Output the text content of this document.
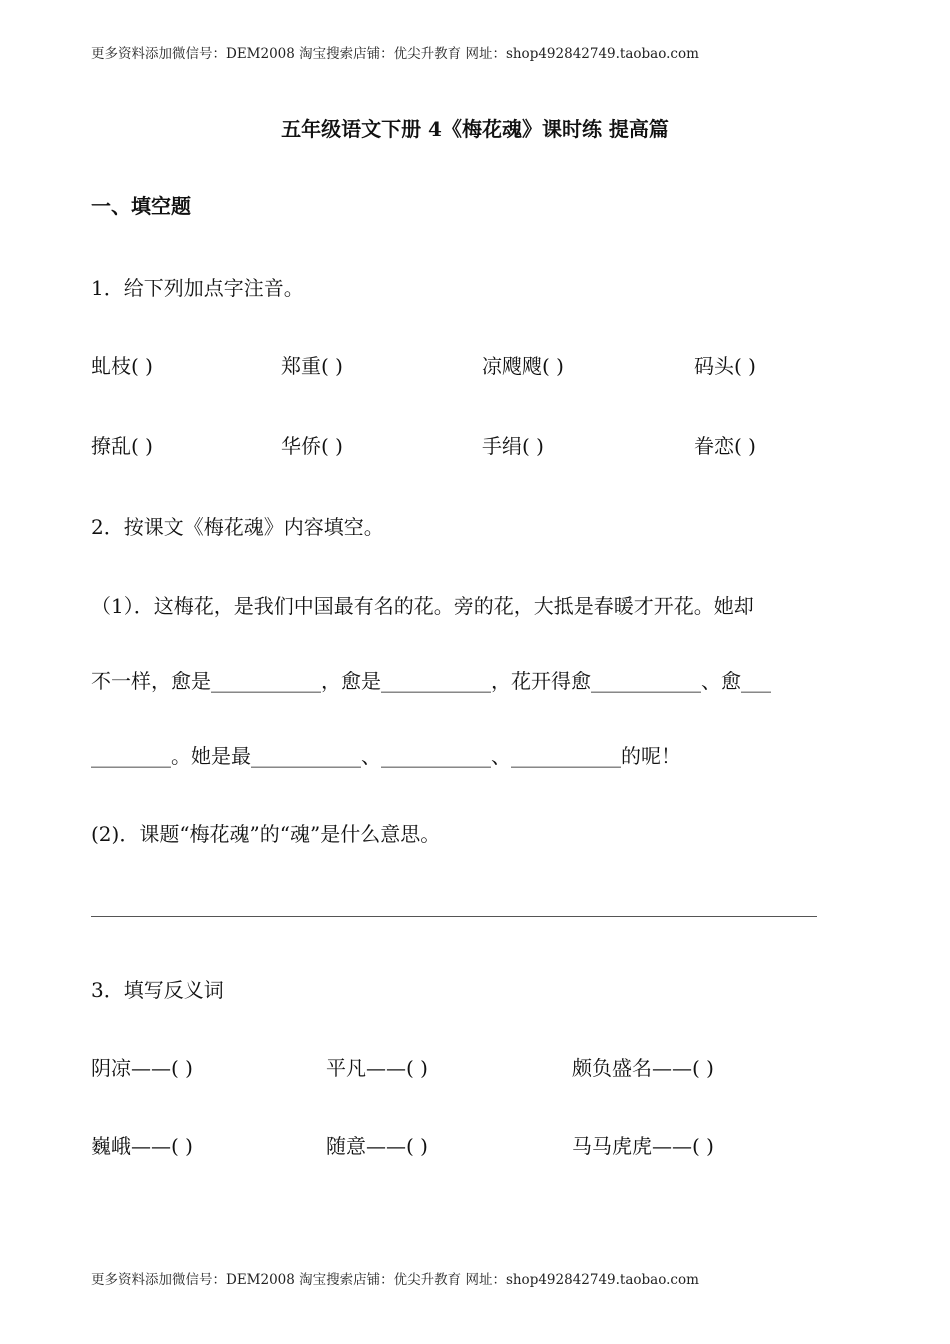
更多资料添加微信号：DEM2008 淘宝搜索店铺：优尖升教育 网址：shop492842749.taobao.com
五年级语文下册 4《梅花魂》课时练 提高篇
一、填空题
1．给下列加点字注音。
虬枝( )	郑重( )	凉飕飕( )	码头( )
撩乱( )	华侨( )	手绢( )	眷恋( )
2．按课文《梅花魂》内容填空。
（1）．这梅花，是我们中国最有名的花。旁的花，大抵是春暖才开花。她却
不一样，愈是___________，愈是___________，花开得愈___________、愈___
________。她是最___________、___________、___________的呢！
(2)．课题“梅花魂”的“魂”是什么意思。
3．填写反义词
阴凉——( )	平凡——( )	颇负盛名——( )
巍峨——( )	随意——( )	马马虎虎——( )
更多资料添加微信号：DEM2008 淘宝搜索店铺：优尖升教育 网址：shop492842749.taobao.com
